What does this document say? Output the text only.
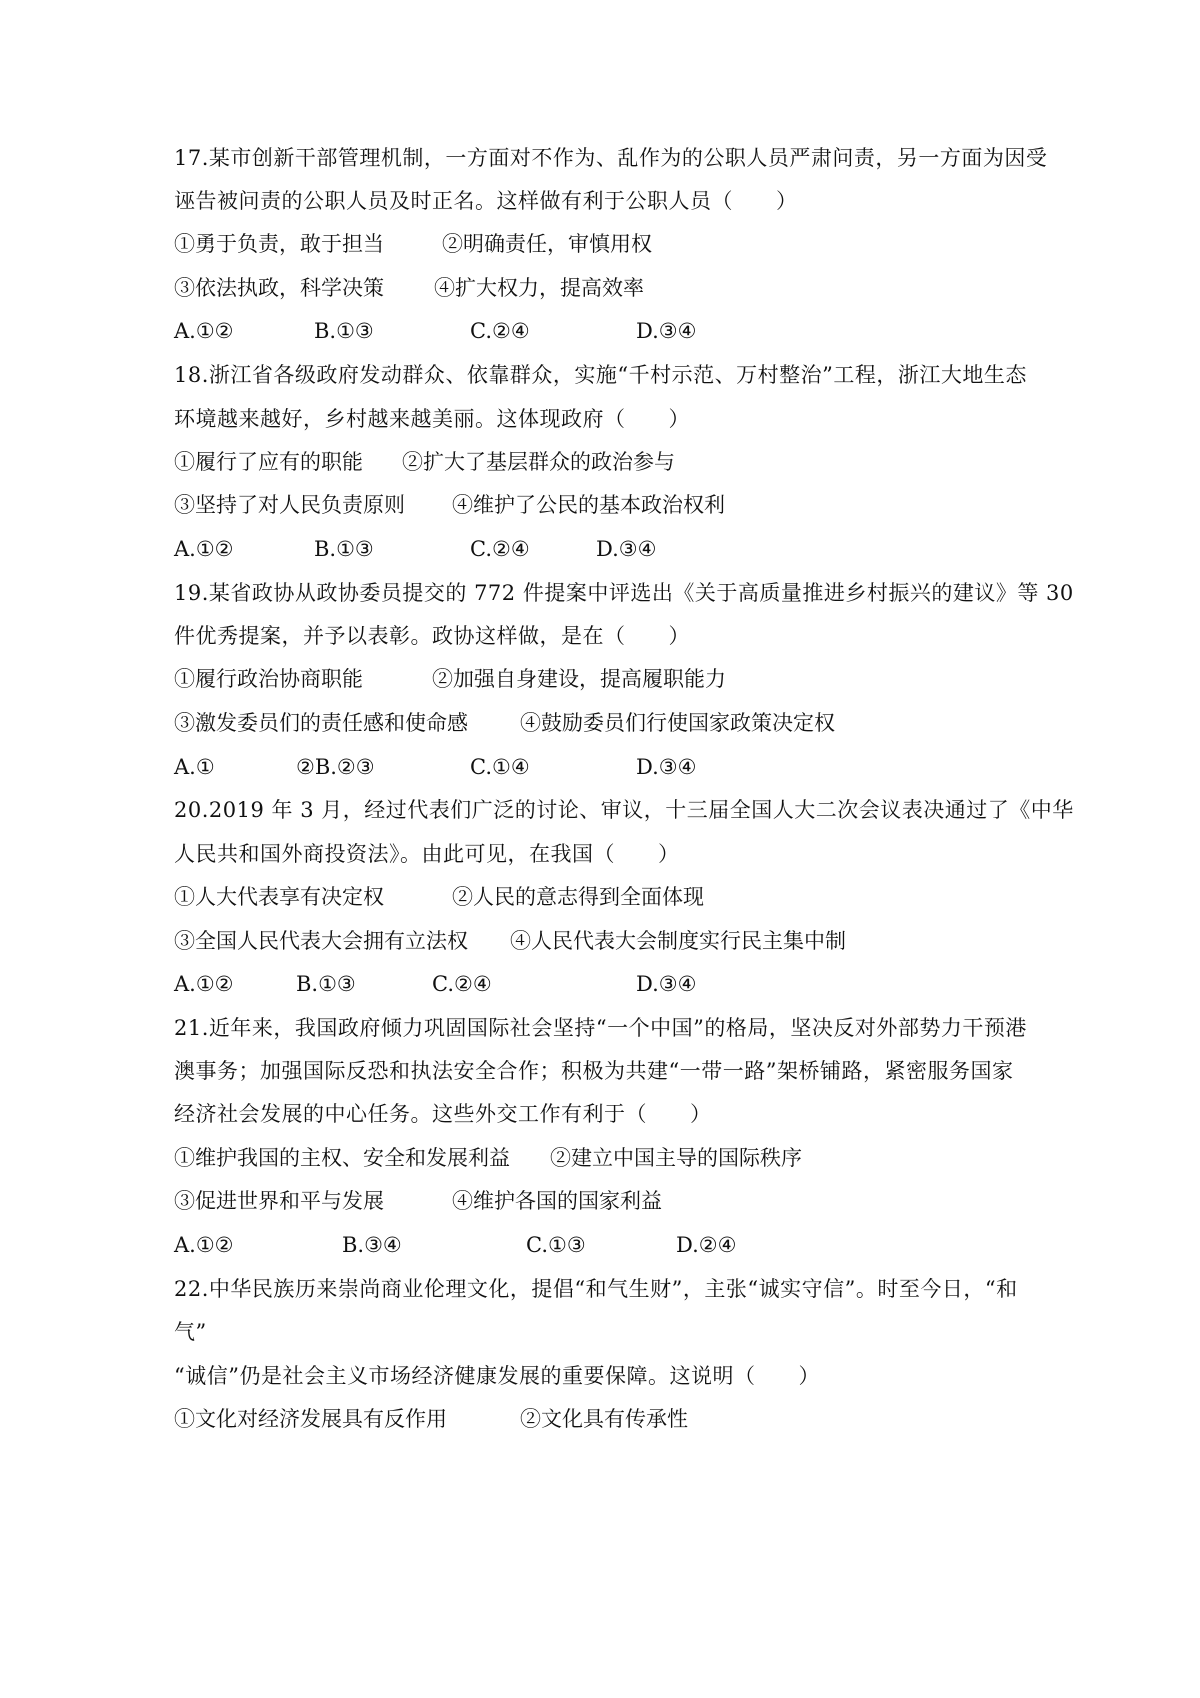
17.某市创新干部管理机制，一方面对不作为、乱作为的公职人员严肃问责，另一方面为因受
诬告被问责的公职人员及时正名。这样做有利于公职人员（　　）
①勇于负责，敢于担当	②明确责任，审慎用权
③依法执政，科学决策 ④扩大权力，提高效率
A.①②	B.①③	C.②④	D.③④
18.浙江省各级政府发动群众、依靠群众，实施“千村示范、万村整治”工程，浙江大地生态
环境越来越好，乡村越来越美丽。这体现政府（　　）
①履行了应有的职能 ②扩大了基层群众的政治参与
③坚持了对人民负责原则 ④维护了公民的基本政治权利
A.①②	B.①③	C.②④	D.③④
19.某省政协从政协委员提交的 772 件提案中评选出《关于高质量推进乡村振兴的建议》等 30
件优秀提案，并予以表彰。政协这样做，是在（　　）
①履行政治协商职能	②加强自身建设，提高履职能力
③激发委员们的责任感和使命感 ④鼓励委员们行使国家政策决定权
A.①	②B.②③	C.①④	D.③④
20.2019 年 3 月，经过代表们广泛的讨论、审议，十三届全国人大二次会议表决通过了《中华
人民共和国外商投资法》。由此可见，在我国（　　）
①人大代表享有决定权	②人民的意志得到全面体现
③全国人民代表大会拥有立法权 ④人民代表大会制度实行民主集中制
A.①②	B.①③	C.②④	D.③④
21.近年来，我国政府倾力巩固国际社会坚持“一个中国”的格局，坚决反对外部势力干预港
澳事务；加强国际反恐和执法安全合作；积极为共建“一带一路”架桥铺路，紧密服务国家
经济社会发展的中心任务。这些外交工作有利于（　　）
①维护我国的主权、安全和发展利益 ②建立中国主导的国际秩序
③促进世界和平与发展	④维护各国的国家利益
A.①②	B.③④	C.①③	D.②④
22.中华民族历来崇尚商业伦理文化，提倡“和气生财”，主张“诚实守信”。时至今日，“和
气”
“诚信”仍是社会主义市场经济健康发展的重要保障。这说明（　　）
①文化对经济发展具有反作用	②文化具有传承性
